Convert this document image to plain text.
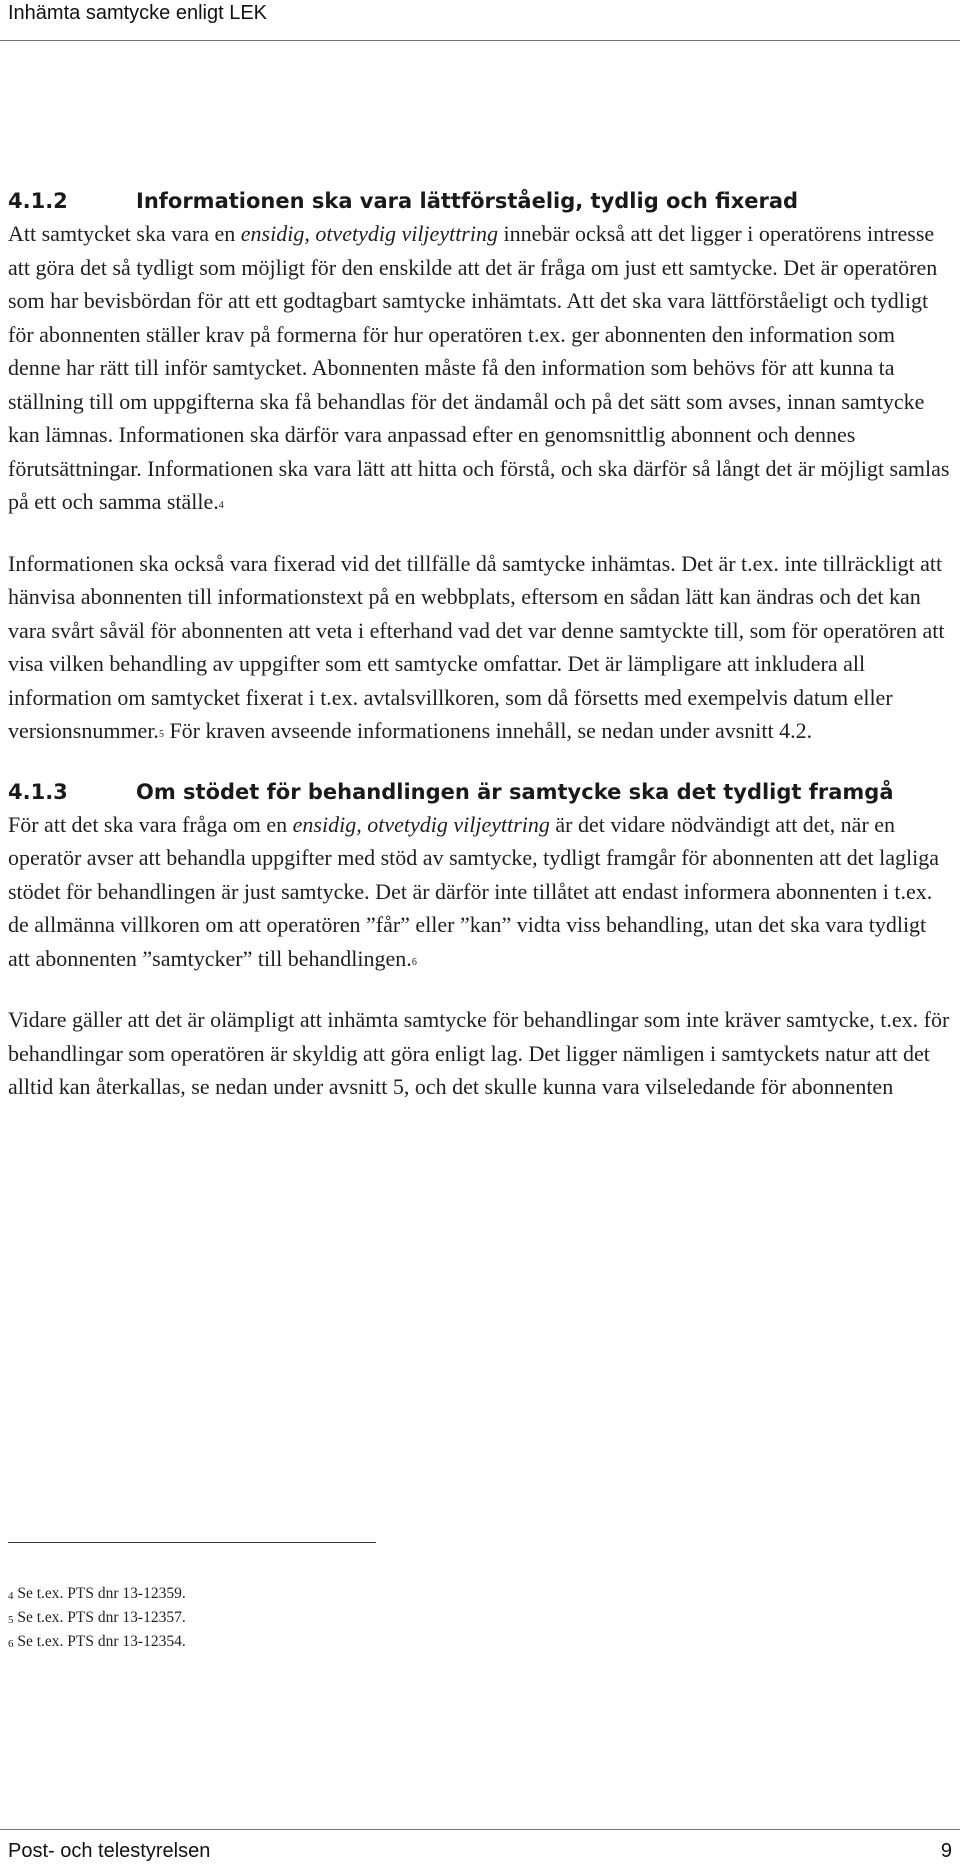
Inhämta samtycke enligt LEK
4.1.2	Informationen ska vara lättförståelig, tydlig och fixerad

Att samtycket ska vara en ensidig, otvetydig viljeyttring innebär också att det ligger i operatörens intresse att göra det så tydligt som möjligt för den enskilde att det är fråga om just ett samtycke. Det är operatören som har bevisbördan för att ett godtagbart samtycke inhämtats. Att det ska vara lättförståeligt och tydligt för abonnenten ställer krav på formerna för hur operatören t.ex. ger abonnenten den information som denne har rätt till inför samtycket. Abonnenten måste få den information som behövs för att kunna ta ställning till om uppgifterna ska få behandlas för det ändamål och på det sätt som avses, innan samtycke kan lämnas. Informationen ska därför vara anpassad efter en genomsnittlig abonnent och dennes förutsättningar. Informationen ska vara lätt att hitta och förstå, och ska därför så långt det är möjligt samlas på ett och samma ställe.$^4$

Informationen ska också vara fixerad vid det tillfälle då samtycke inhämtas. Det är t.ex. inte tillräckligt att hänvisa abonnenten till informationstext på en webbplats, eftersom en sådan lätt kan ändras och det kan vara svårt såväl för abonnenten att veta i efterhand vad det var denne samtyckte till, som för operatören att visa vilken behandling av uppgifter som ett samtycke omfattar. Det är lämpligare att inkludera all information om samtycket fixerat i t.ex. avtalsvillkoren, som då försetts med exempelvis datum eller versionsnummer.$^5$ För kraven avseende informationens innehåll, se nedan under avsnitt 4.2.

4.1.3	Om stödet för behandlingen är samtycke ska det tydligt framgå

För att det ska vara fråga om en ensidig, otvetydig viljeyttring är det vidare nödvändigt att det, när en operatör avser att behandla uppgifter med stöd av samtycke, tydligt framgår för abonnenten att det lagliga stödet för behandlingen är just samtycke. Det är därför inte tillåtet att endast informera abonnenten i t.ex. de allmänna villkoren om att operatören ”får” eller ”kan” vidta viss behandling, utan det ska vara tydligt att abonnenten ”samtycker” till behandlingen.$^6$

Vidare gäller att det är olämpligt att inhämta samtycke för behandlingar som inte kräver samtycke, t.ex. för behandlingar som operatören är skyldig att göra enligt lag. Det ligger nämligen i samtyckets natur att det alltid kan återkallas, se nedan under avsnitt 5, och det skulle kunna vara vilseledande för abonnenten

$^4$ Se t.ex. PTS dnr 13-12359.
$^5$ Se t.ex. PTS dnr 13-12357.
$^6$ Se t.ex. PTS dnr 13-12354.
Post- och telestyrelsen	9
